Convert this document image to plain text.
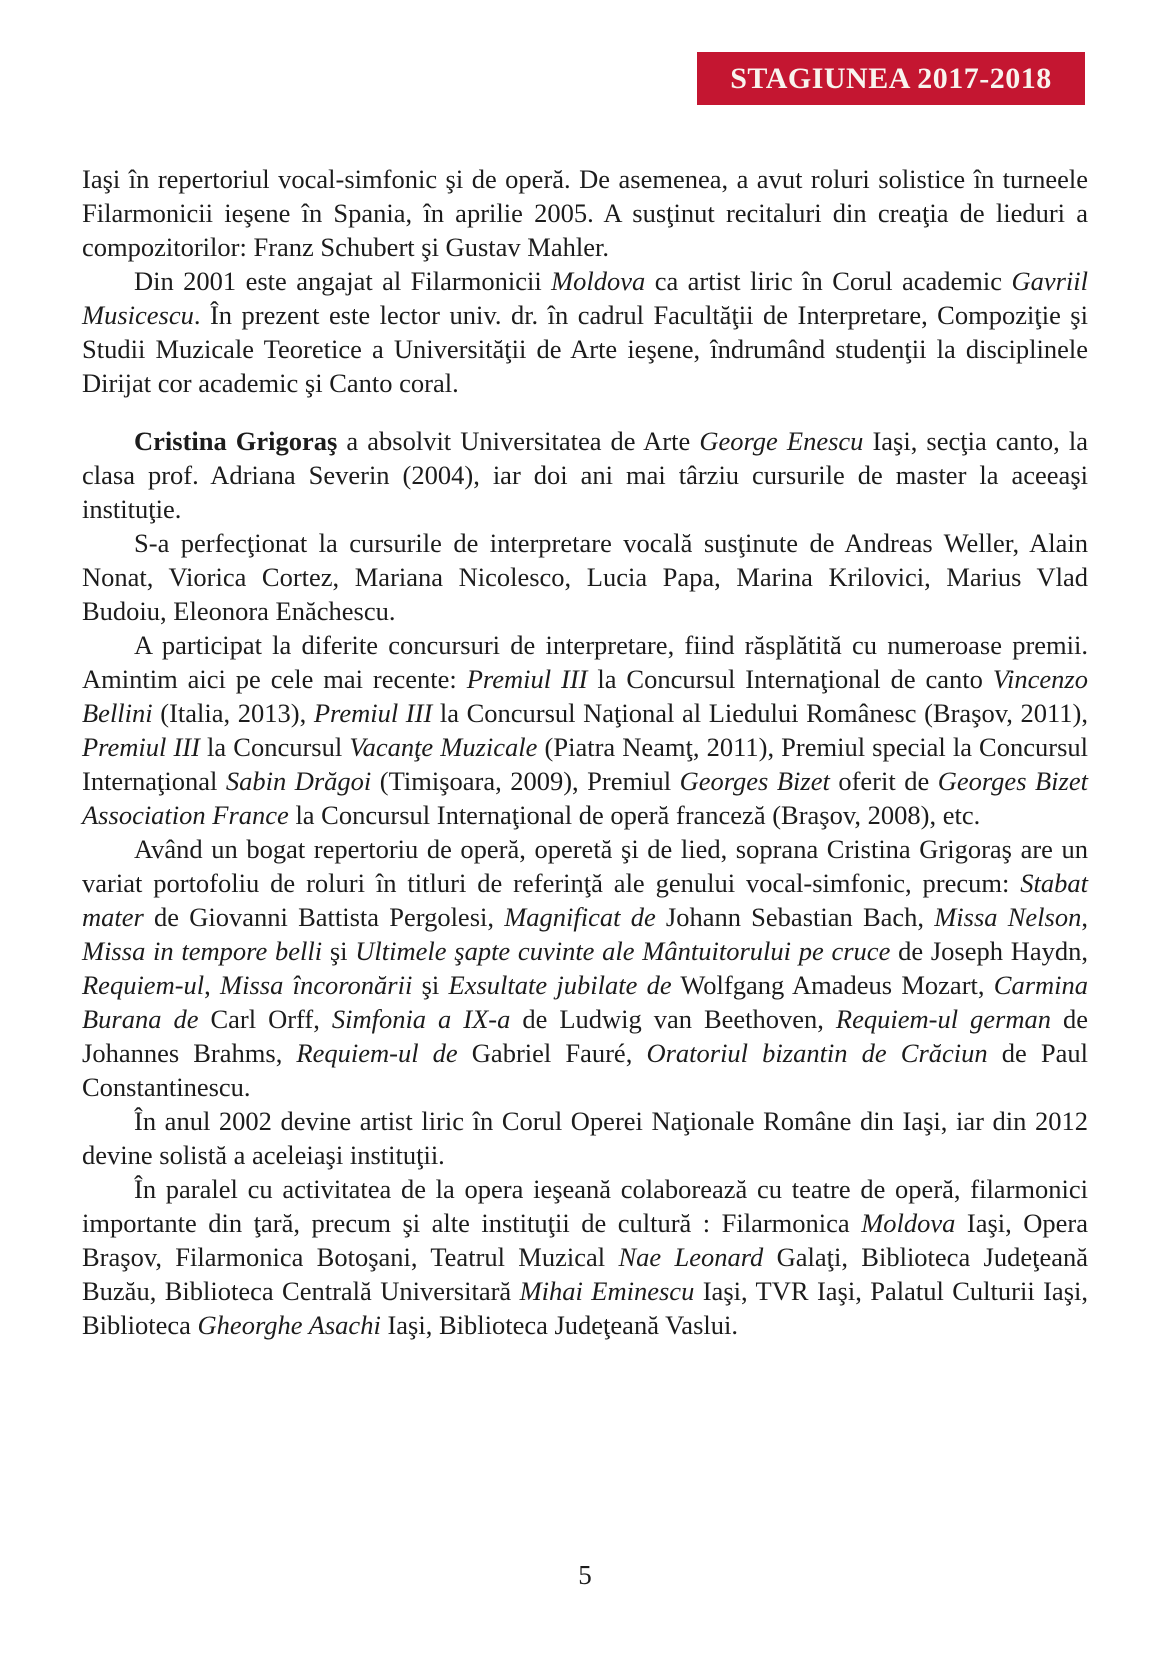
STAGIUNEA 2017-2018

Iaşi în repertoriul vocal-simfonic şi de operă. De asemenea, a avut roluri solistice în turneele Filarmonicii ieşene în Spania, în aprilie 2005. A susţinut recitaluri din creaţia de lieduri a compozitorilor: Franz Schubert şi Gustav Mahler.

Din 2001 este angajat al Filarmonicii Moldova ca artist liric în Corul academic Gavriil Musicescu. În prezent este lector univ. dr. în cadrul Facultăţii de Interpretare, Compoziţie şi Studii Muzicale Teoretice a Universităţii de Arte ieşene, îndrumând studenţii la disciplinele Dirijat cor academic şi Canto coral.

Cristina Grigoraş a absolvit Universitatea de Arte George Enescu Iaşi, secţia canto, la clasa prof. Adriana Severin (2004), iar doi ani mai târziu cursurile de master la aceeaşi instituţie.

S-a perfecţionat la cursurile de interpretare vocală susţinute de Andreas Weller, Alain Nonat, Viorica Cortez, Mariana Nicolesco, Lucia Papa, Marina Krilovici, Marius Vlad Budoiu, Eleonora Enăchescu.

A participat la diferite concursuri de interpretare, fiind răsplătită cu numeroase premii. Amintim aici pe cele mai recente: Premiul III la Concursul Internaţional de canto Vincenzo Bellini (Italia, 2013), Premiul III la Concursul Naţional al Liedului Românesc (Braşov, 2011), Premiul III la Concursul Vacanţe Muzicale (Piatra Neamţ, 2011), Premiul special la Concursul Internaţional Sabin Drăgoi (Timişoara, 2009), Premiul Georges Bizet oferit de Georges Bizet Association France la Concursul Internaţional de operă franceză (Braşov, 2008), etc.

Având un bogat repertoriu de operă, operetă şi de lied, soprana Cristina Grigoraş are un variat portofoliu de roluri în titluri de referinţă ale genului vocal-simfonic, precum: Stabat mater de Giovanni Battista Pergolesi, Magnificat de Johann Sebastian Bach, Missa Nelson, Missa in tempore belli şi Ultimele şapte cuvinte ale Mântuitorului pe cruce de Joseph Haydn, Requiem-ul, Missa încoronării şi Exsultate jubilate de Wolfgang Amadeus Mozart, Carmina Burana de Carl Orff, Simfonia a IX-a de Ludwig van Beethoven, Requiem-ul german de Johannes Brahms, Requiem-ul de Gabriel Fauré, Oratoriul bizantin de Crăciun de Paul Constantinescu.

În anul 2002 devine artist liric în Corul Operei Naţionale Române din Iaşi, iar din 2012 devine solistă a aceleiaşi instituţii.

În paralel cu activitatea de la opera ieşeană colaborează cu teatre de operă, filarmonici importante din ţară, precum şi alte instituţii de cultură : Filarmonica Moldova Iaşi, Opera Braşov, Filarmonica Botoşani, Teatrul Muzical Nae Leonard Galaţi, Biblioteca Judeţeană Buzău, Biblioteca Centrală Universitară Mihai Eminescu Iaşi, TVR Iaşi, Palatul Culturii Iaşi, Biblioteca Gheorghe Asachi Iaşi, Biblioteca Judeţeană Vaslui.

5
